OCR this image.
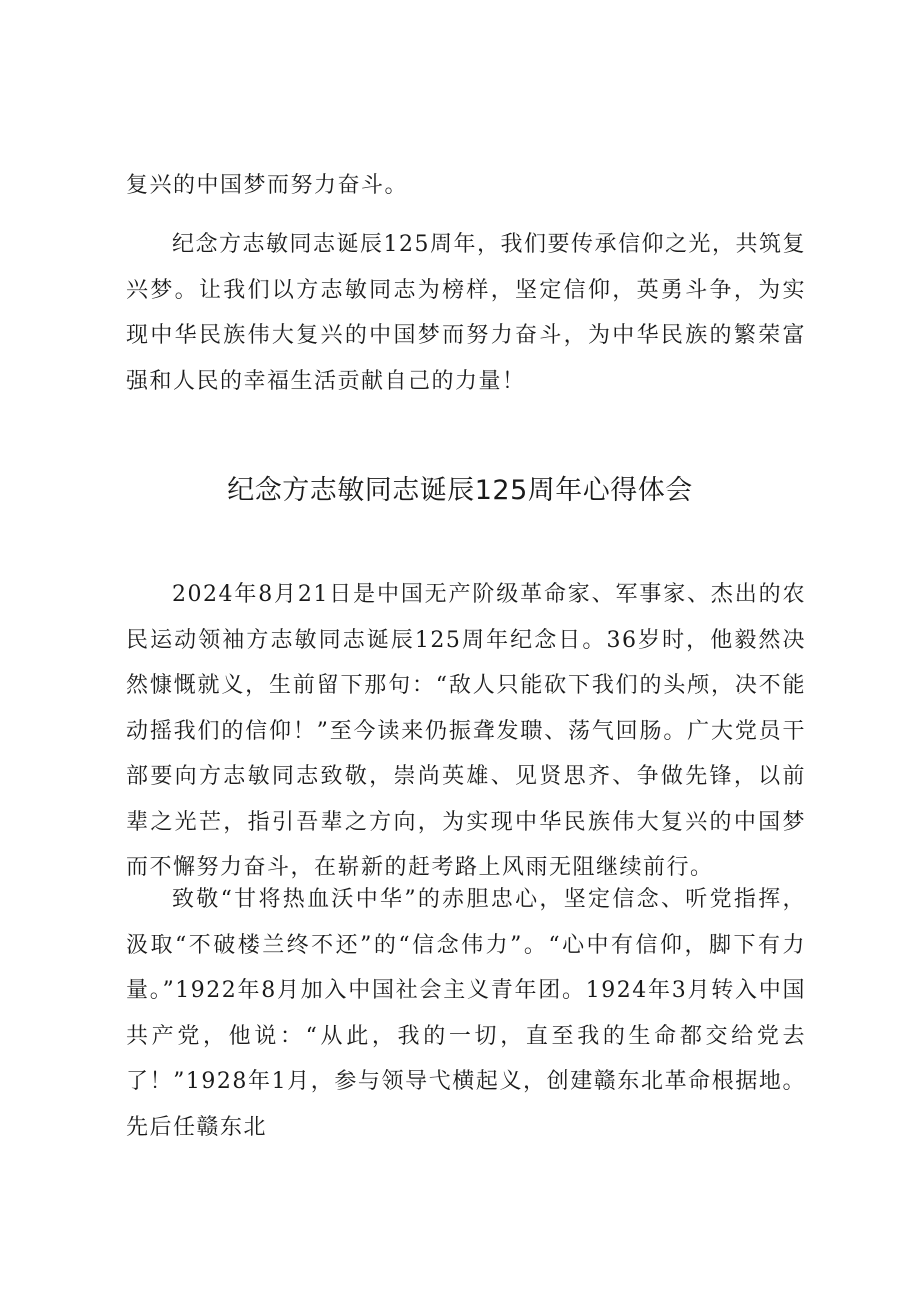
复兴的中国梦而努力奋斗。

纪念方志敏同志诞辰125周年，我们要传承信仰之光，共筑复兴梦。让我们以方志敏同志为榜样，坚定信仰，英勇斗争，为实现中华民族伟大复兴的中国梦而努力奋斗，为中华民族的繁荣富强和人民的幸福生活贡献自己的力量！

纪念方志敏同志诞辰125周年心得体会

2024年8月21日是中国无产阶级革命家、军事家、杰出的农民运动领袖方志敏同志诞辰125周年纪念日。36岁时，他毅然决然慷慨就义，生前留下那句：“敌人只能砍下我们的头颅，决不能动摇我们的信仰！”至今读来仍振聋发聩、荡气回肠。广大党员干部要向方志敏同志致敬，崇尚英雄、见贤思齐、争做先锋，以前辈之光芒，指引吾辈之方向，为实现中华民族伟大复兴的中国梦而不懈努力奋斗，在崭新的赶考路上风雨无阻继续前行。

致敬“甘将热血沃中华”的赤胆忠心，坚定信念、听党指挥，汲取“不破楼兰终不还”的“信念伟力”。“心中有信仰，脚下有力量。”1922年8月加入中国社会主义青年团。1924年3月转入中国共产党，他说：“从此，我的一切，直至我的生命都交给党去了！”1928年1月，参与领导弋横起义，创建赣东北革命根据地。先后任赣东北
